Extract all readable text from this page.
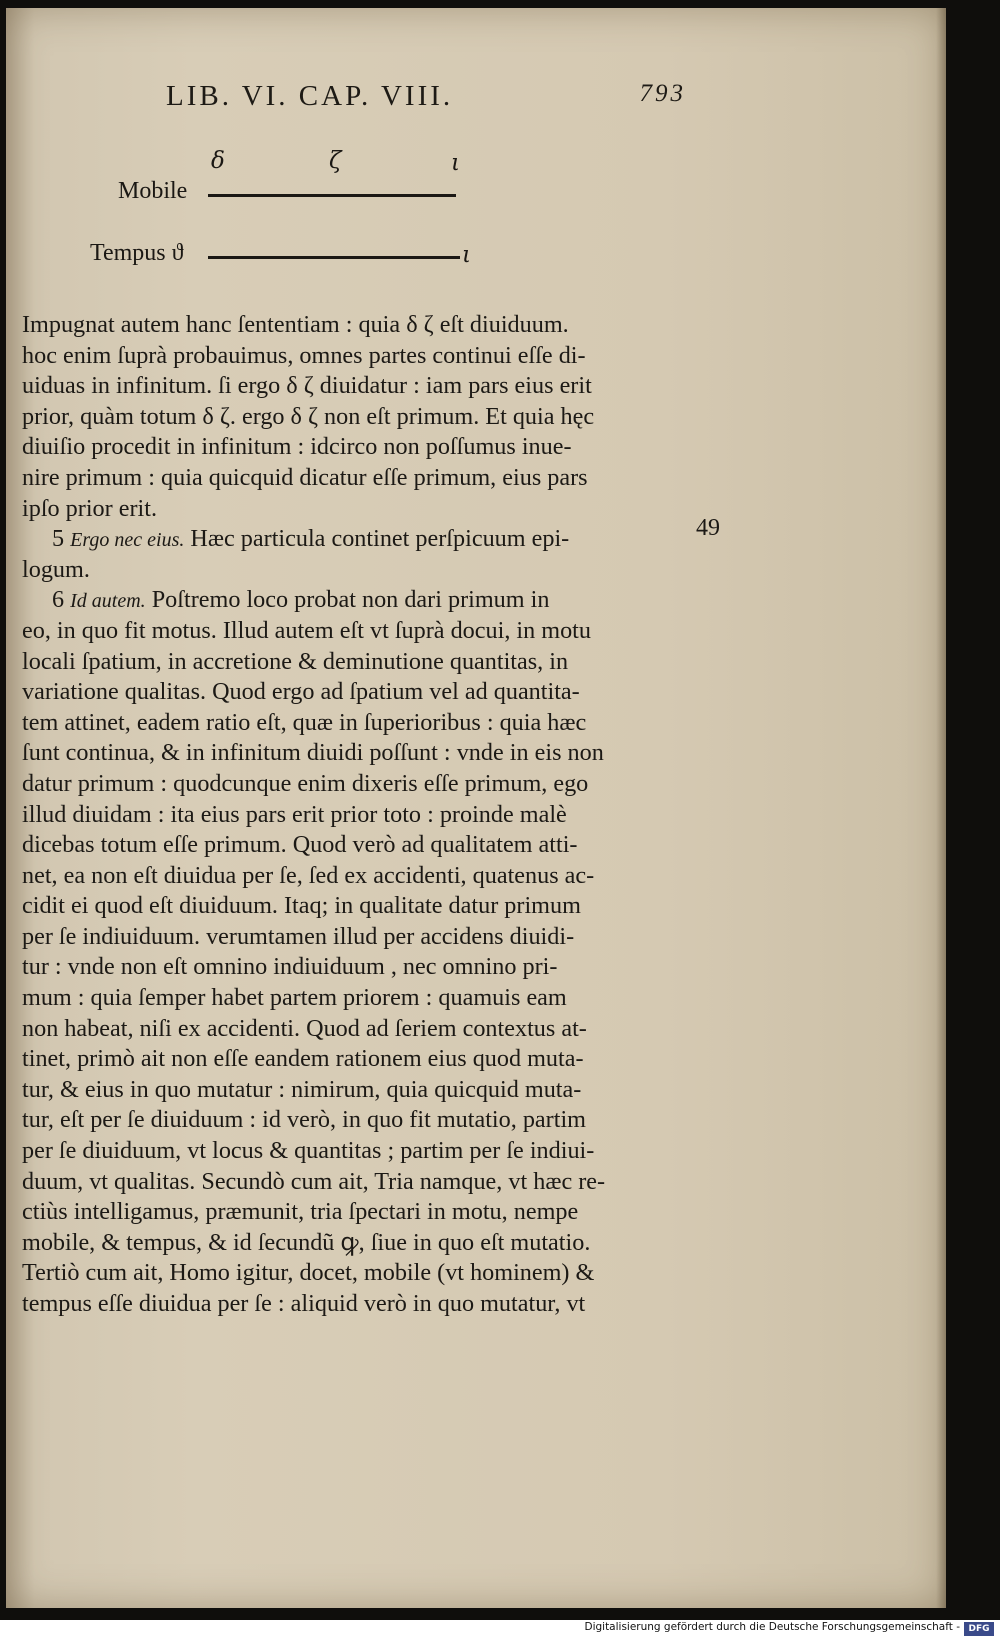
LIB. VI. CAP. VIII.	793
δ	ζ	ι
Mobile
Tempus ϑ	ι
Impugnat autem hanc ſententiam : quia δ ζ eſt diuiduum.
hoc enim ſuprà probauimus, omnes partes continui eſſe di-
uiduas in infinitum. ſi ergo δ ζ diuidatur : iam pars eius erit
prior, quàm totum δ ζ. ergo δ ζ non eſt primum. Et quia hęc
diuiſio procedit in infinitum : idcirco non poſſumus inue-
nire primum : quia quicquid dicatur eſſe primum, eius pars
ipſo prior erit.
5 Ergo nec eius. Hæc particula continet perſpicuum epi-
logum.
6 Id autem. Poſtremo loco probat non dari primum in
eo, in quo fit motus. Illud autem eſt vt ſuprà docui, in motu
locali ſpatium, in accretione & deminutione quantitas, in
variatione qualitas. Quod ergo ad ſpatium vel ad quantita-
tem attinet, eadem ratio eſt, quæ in ſuperioribus : quia hæc
ſunt continua, & in infinitum diuidi poſſunt : vnde in eis non
datur primum : quodcunque enim dixeris eſſe primum, ego
illud diuidam : ita eius pars erit prior toto : proinde malè
dicebas totum eſſe primum. Quod verò ad qualitatem atti-
net, ea non eſt diuidua per ſe, ſed ex accidenti, quatenus ac-
cidit ei quod eſt diuiduum. Itaq; in qualitate datur primum
per ſe indiuiduum. verumtamen illud per accidens diuidi-
tur : vnde non eſt omnino indiuiduum , nec omnino pri-
mum : quia ſemper habet partem priorem : quamuis eam
non habeat, niſi ex accidenti. Quod ad ſeriem contextus at-
tinet, primò ait non eſſe eandem rationem eius quod muta-
tur, & eius in quo mutatur : nimirum, quia quicquid muta-
tur, eſt per ſe diuiduum : id verò, in quo fit mutatio, partim
per ſe diuiduum, vt locus & quantitas ; partim per ſe indiui-
duum, vt qualitas. Secundò cum ait, Tria namque, vt hæc re-
ctiùs intelligamus, præmunit, tria ſpectari in motu, nempe
mobile, & tempus, & id ſecundũ ꝙ, ſiue in quo eſt mutatio.
Tertiò cum ait, Homo igitur, docet, mobile (vt hominem) &
tempus eſſe diuidua per ſe : aliquid verò in quo mutatur, vt
49
Digitalisierung gefördert durch die Deutsche Forschungsgemeinschaft - DFG
